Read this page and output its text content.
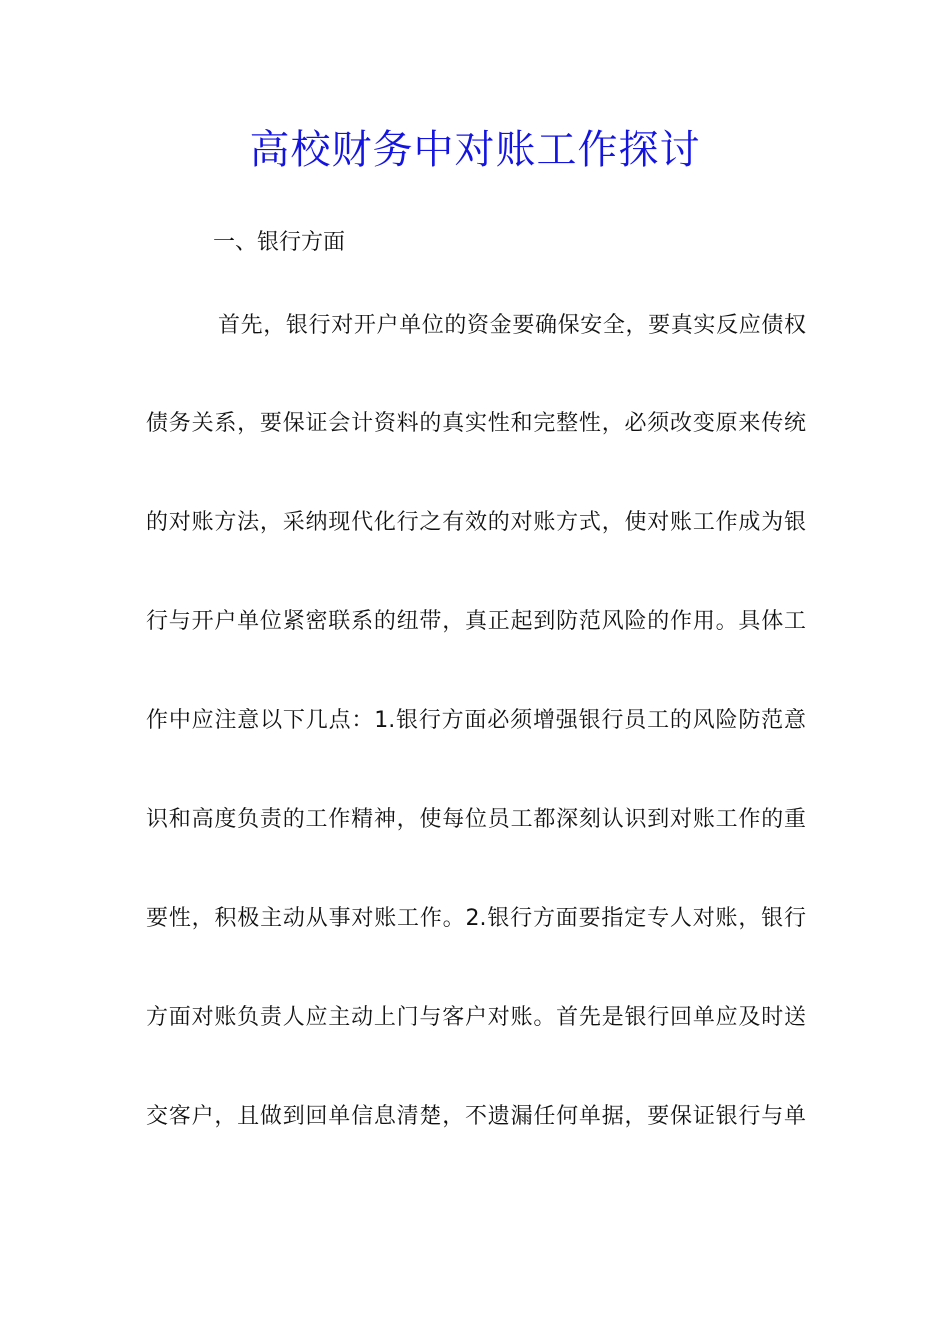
高校财务中对账工作探讨
一、银行方面
首先，银行对开户单位的资金要确保安全，要真实反应债权
债务关系，要保证会计资料的真实性和完整性，必须改变原来传统
的对账方法，采纳现代化行之有效的对账方式，使对账工作成为银
行与开户单位紧密联系的纽带，真正起到防范风险的作用。具体工
作中应注意以下几点：1.银行方面必须增强银行员工的风险防范意
识和高度负责的工作精神，使每位员工都深刻认识到对账工作的重
要性，积极主动从事对账工作。2.银行方面要指定专人对账，银行
方面对账负责人应主动上门与客户对账。首先是银行回单应及时送
交客户，且做到回单信息清楚，不遗漏任何单据，要保证银行与单
